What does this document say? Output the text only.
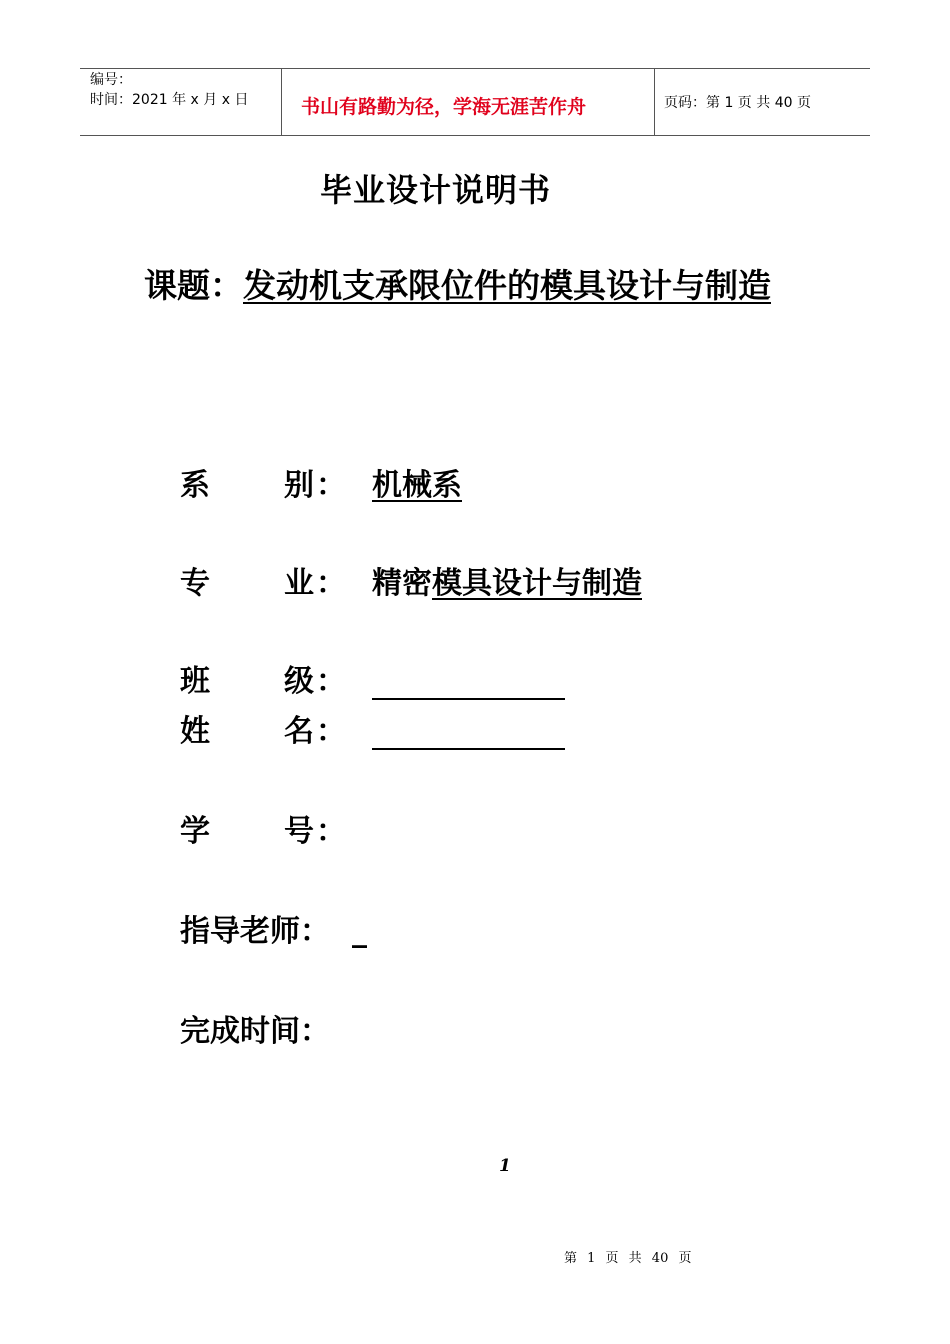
编号：
时间：2021 年 x 月 x 日	书山有路勤为径，学海无涯苦作舟	页码：第 1 页 共 40 页
毕业设计说明书
课题：发动机支承限位件的模具设计与制造
系 别 ： 机械系
专 业 ： 精密模具设计与制造
班 级 ：
姓 名 ：
学 号 ：
指导老师： _
完成时间：
1
第 1 页 共 40 页
